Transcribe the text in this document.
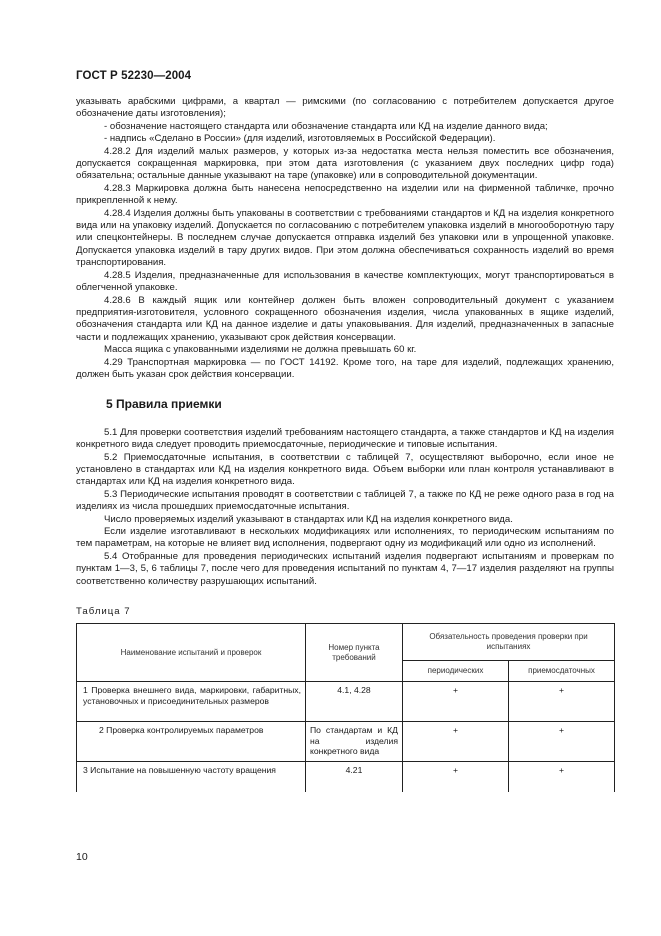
ГОСТ Р 52230—2004

указывать арабскими цифрами, а квартал — римскими (по согласованию с потребителем допускается другое обозначение даты изготовления);

- обозначение настоящего стандарта или обозначение стандарта или КД на изделие данного вида;

- надпись «Сделано в России» (для изделий, изготовляемых в Российской Федерации).

4.28.2 Для изделий малых размеров, у которых из-за недостатка места нельзя поместить все обозначения, допускается сокращенная маркировка, при этом дата изготовления (с указанием двух последних цифр года) обязательна; остальные данные указывают на таре (упаковке) или в сопроводительной документации.

4.28.3 Маркировка должна быть нанесена непосредственно на изделии или на фирменной табличке, прочно прикрепленной к нему.

4.28.4 Изделия должны быть упакованы в соответствии с требованиями стандартов и КД на изделия конкретного вида или на упаковку изделий. Допускается по согласованию с потребителем упаковка изделий в многооборотную тару или спецконтейнеры. В последнем случае допускается отправка изделий без упаковки или в упрощенной упаковке. Допускается упаковка изделий в тару других видов. При этом должна обеспечиваться сохранность изделий во время транспортирования.

4.28.5 Изделия, предназначенные для использования в качестве комплектующих, могут транспортироваться в облегченной упаковке.

4.28.6 В каждый ящик или контейнер должен быть вложен сопроводительный документ с указанием предприятия-изготовителя, условного сокращенного обозначения изделия, числа упакованных в ящике изделий, обозначения стандарта или КД на данное изделие и даты упаковывания. Для изделий, предназначенных в запасные части и подлежащих хранению, указывают срок действия консервации.

Масса ящика с упакованными изделиями не должна превышать 60 кг.

4.29 Транспортная маркировка — по ГОСТ 14192. Кроме того, на таре для изделий, подлежащих хранению, должен быть указан срок действия консервации.

5 Правила приемки

5.1 Для проверки соответствия изделий требованиям настоящего стандарта, а также стандартов и КД на изделия конкретного вида следует проводить приемосдаточные, периодические и типовые испытания.

5.2 Приемосдаточные испытания, в соответствии с таблицей 7, осуществляют выборочно, если иное не установлено в стандартах или КД на изделия конкретного вида. Объем выборки или план контроля устанавливают в стандартах или КД на изделия конкретного вида.

5.3 Периодические испытания проводят в соответствии с таблицей 7, а также по КД не реже одного раза в год на изделиях из числа прошедших приемосдаточные испытания.

Число проверяемых изделий указывают в стандартах или КД на изделия конкретного вида.

Если изделие изготавливают в нескольких модификациях или исполнениях, то периодическим испытаниям по тем параметрам, на которые не влияет вид исполнения, подвергают одну из модификаций или одно из исполнений.

5.4 Отобранные для проведения периодических испытаний изделия подвергают испытаниям и проверкам по пунктам 1—3, 5, 6 таблицы 7, после чего для проведения испытаний по пунктам 4, 7—17 изделия разделяют на группы соответственно количеству разрушающих испытаний.

Таблица 7
Наименование испытаний и проверок	Номер пункта требований	Обязательность проведения проверки при испытаниях	
		периодических	приемосдаточных
1 Проверка внешнего вида, маркировки, габаритных, установочных и присоединительных размеров	4.1, 4.28	+	+
2 Проверка контролируемых параметров	По стандартам и КД на изделия конкретного вида	+	+
3 Испытание на повышенную частоту вращения	4.21	+	+
10
